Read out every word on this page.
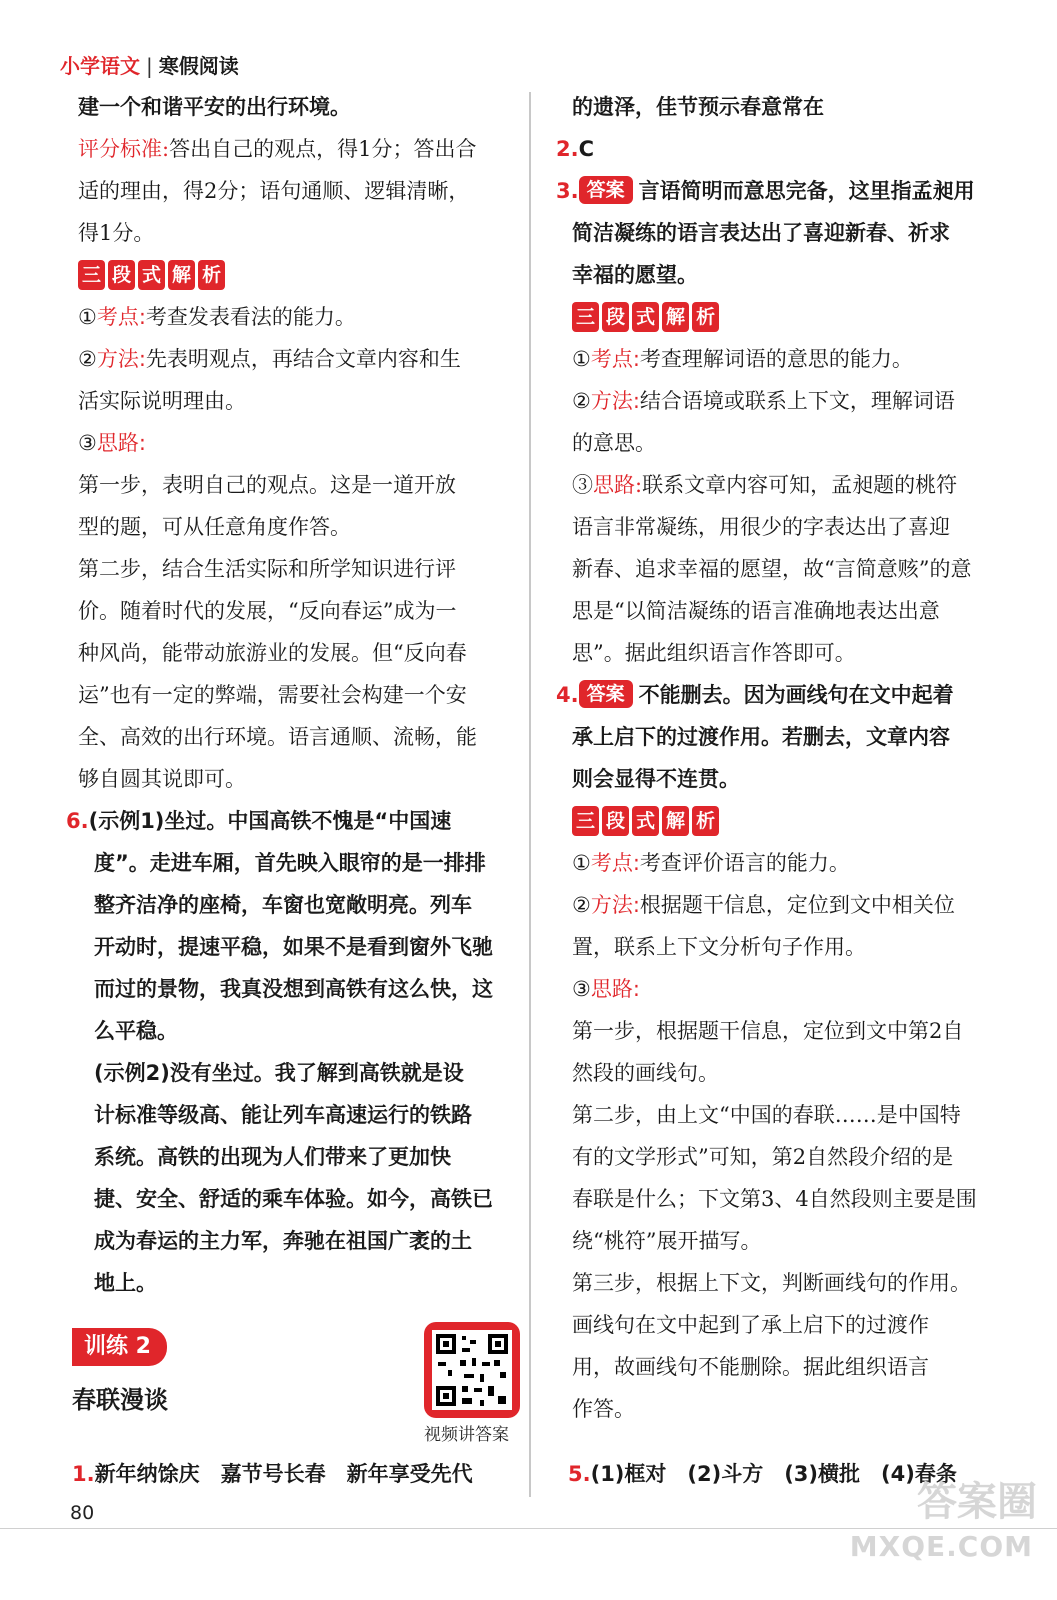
小学语文 | 寒假阅读

建一个和谐平安的出行环境。

评分标准:答出自己的观点，得1分；答出合

适的理由，得2分；语句通顺、逻辑清晰，

得1分。

三 段 式 解 析

①考点:考查发表看法的能力。

②方法:先表明观点，再结合文章内容和生

活实际说明理由。

③思路:

第一步，表明自己的观点。这是一道开放

型的题，可从任意角度作答。

第二步，结合生活实际和所学知识进行评

价。随着时代的发展，“反向春运”成为一

种风尚，能带动旅游业的发展。但“反向春

运”也有一定的弊端，需要社会构建一个安

全、高效的出行环境。语言通顺、流畅，能

够自圆其说即可。

6.(示例1)坐过。中国高铁不愧是“中国速

度”。走进车厢，首先映入眼帘的是一排排

整齐洁净的座椅，车窗也宽敞明亮。列车

开动时，提速平稳，如果不是看到窗外飞驰

而过的景物，我真没想到高铁有这么快，这

么平稳。

(示例2)没有坐过。我了解到高铁就是设

计标准等级高、能让列车高速运行的铁路

系统。高铁的出现为人们带来了更加快

捷、安全、舒适的乘车体验。如今，高铁已

成为春运的主力军，奔驰在祖国广袤的土

地上。

训练 2
春联漫谈
视频讲答案
1.新年纳馀庆　嘉节号长春　新年享受先代

的遗泽，佳节预示春意常在

2.C

3. 答案 言语简明而意思完备，这里指孟昶用

简洁凝练的语言表达出了喜迎新春、祈求

幸福的愿望。

三 段 式 解 析

①考点:考查理解词语的意思的能力。

②方法:结合语境或联系上下文，理解词语

的意思。

③思路:联系文章内容可知，孟昶题的桃符

语言非常凝练，用很少的字表达出了喜迎

新春、追求幸福的愿望，故“言简意赅”的意

思是“以简洁凝练的语言准确地表达出意

思”。据此组织语言作答即可。

4. 答案 不能删去。因为画线句在文中起着

承上启下的过渡作用。若删去，文章内容

则会显得不连贯。

三 段 式 解 析

①考点:考查评价语言的能力。

②方法:根据题干信息，定位到文中相关位

置，联系上下文分析句子作用。

③思路:

第一步，根据题干信息，定位到文中第2自

然段的画线句。

第二步，由上文“中国的春联……是中国特

有的文学形式”可知，第2自然段介绍的是

春联是什么；下文第3、4自然段则主要是围

绕“桃符”展开描写。

第三步，根据上下文，判断画线句的作用。

画线句在文中起到了承上启下的过渡作

用，故画线句不能删除。据此组织语言

作答。

5.(1)框对　(2)斗方　(3)横批　(4)春条
80	答案圈
MXQE.COM
